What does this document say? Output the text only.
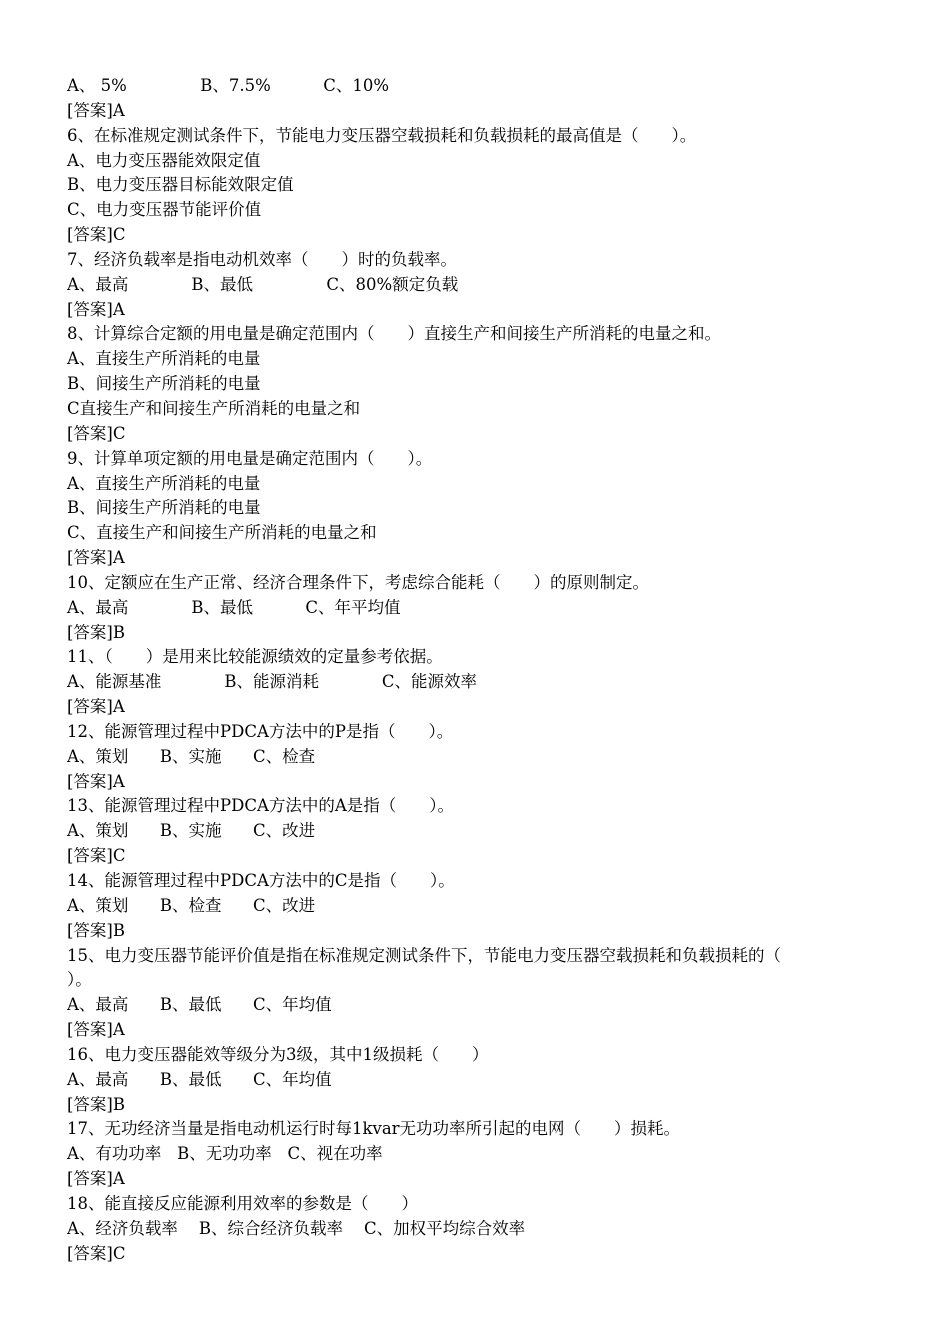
A、 5%              B、7.5%          C、10%
[答案]A
6、在标准规定测试条件下，节能电力变压器空载损耗和负载损耗的最高值是（　　）。
A、电力变压器能效限定值
B、电力变压器目标能效限定值
C、电力变压器节能评价值
[答案]C
7、经济负载率是指电动机效率（　　）时的负载率。
A、最高            B、最低              C、80%额定负载
[答案]A
8、计算综合定额的用电量是确定范围内（　　）直接生产和间接生产所消耗的电量之和。
A、直接生产所消耗的电量
B、间接生产所消耗的电量
C直接生产和间接生产所消耗的电量之和
[答案]C
9、计算单项定额的用电量是确定范围内（　　）。
A、直接生产所消耗的电量
B、间接生产所消耗的电量
C、直接生产和间接生产所消耗的电量之和
[答案]A
10、定额应在生产正常、经济合理条件下，考虑综合能耗（　　）的原则制定。
A、最高            B、最低          C、年平均值
[答案]B
11、（　　）是用来比较能源绩效的定量参考依据。
A、能源基准            B、能源消耗            C、能源效率
[答案]A
12、能源管理过程中PDCA方法中的P是指（　　）。
A、策划      B、实施      C、检查
[答案]A
13、能源管理过程中PDCA方法中的A是指（　　）。
A、策划      B、实施      C、改进
[答案]C
14、能源管理过程中PDCA方法中的C是指（　　）。
A、策划      B、检查      C、改进
[答案]B
15、电力变压器节能评价值是指在标准规定测试条件下，节能电力变压器空载损耗和负载损耗的（
）。
A、最高      B、最低      C、年均值
[答案]A
16、电力变压器能效等级分为3级，其中1级损耗（　　）
A、最高      B、最低      C、年均值
[答案]B
17、无功经济当量是指电动机运行时每1kvar无功功率所引起的电网（　　）损耗。
A、有功功率   B、无功功率   C、视在功率
[答案]A
18、能直接反应能源利用效率的参数是（　　）
A、经济负载率    B、综合经济负载率    C、加权平均综合效率
[答案]C
